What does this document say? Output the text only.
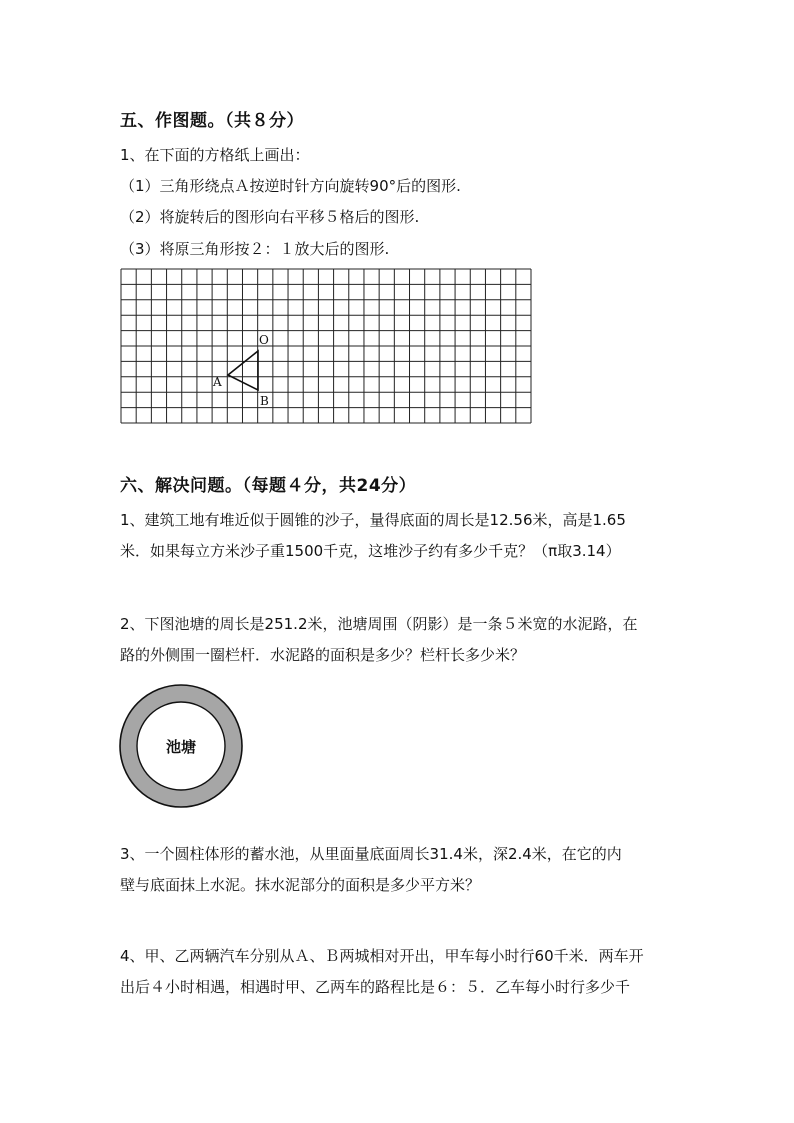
五、作图题。（共８分）
1、在下面的方格纸上画出：
（1）三角形绕点Ａ按逆时针方向旋转90°后的图形.
（2）将旋转后的图形向右平移５格后的图形.
（3）将原三角形按２：１放大后的图形.
O
A
B
六、解决问题。（每题４分，共24分）
1、建筑工地有堆近似于圆锥的沙子，量得底面的周长是12.56米，高是1.65
米．如果每立方米沙子重1500千克，这堆沙子约有多少千克？（π取3.14）
2、下图池塘的周长是251.2米，池塘周围（阴影）是一条５米宽的水泥路，在
路的外侧围一圈栏杆．水泥路的面积是多少？栏杆长多少米？
池塘
3、一个圆柱体形的蓄水池，从里面量底面周长31.4米，深2.4米，在它的内
壁与底面抹上水泥。抹水泥部分的面积是多少平方米？
4、甲、乙两辆汽车分别从Ａ、Ｂ两城相对开出，甲车每小时行60千米．两车开
出后４小时相遇，相遇时甲、乙两车的路程比是６：５．乙车每小时行多少千
